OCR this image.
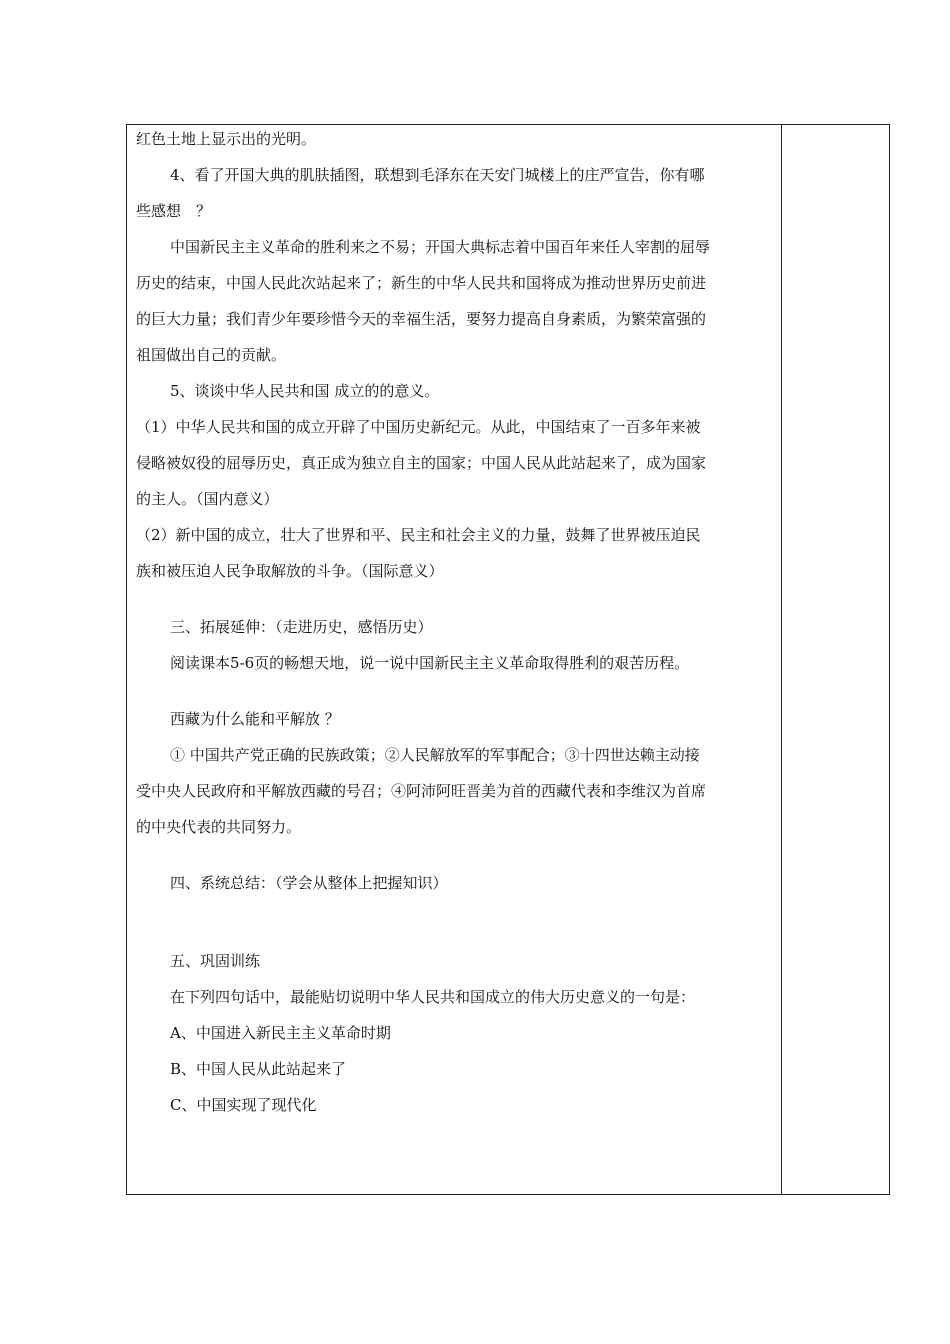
红色土地上显示出的光明。
4、看了开国大典的肌肤插图，联想到毛泽东在天安门城楼上的庄严宣告，你有哪
些感想　？
中国新民主主义革命的胜利来之不易；开国大典标志着中国百年来任人宰割的屈辱
历史的结束，中国人民此次站起来了；新生的中华人民共和国将成为推动世界历史前进
的巨大力量；我们青少年要珍惜今天的幸福生活，要努力提高自身素质，为繁荣富强的
祖国做出自己的贡献。
5、谈谈中华人民共和国 成立的的意义。
（1）中华人民共和国的成立开辟了中国历史新纪元。从此，中国结束了一百多年来被
侵略被奴役的屈辱历史，真正成为独立自主的国家；中国人民从此站起来了，成为国家
的主人。（国内意义）
（2）新中国的成立，壮大了世界和平、民主和社会主义的力量，鼓舞了世界被压迫民
族和被压迫人民争取解放的斗争。（国际意义）
三、拓展延伸：（走进历史，感悟历史）
阅读课本5-6页的畅想天地，说一说中国新民主主义革命取得胜利的艰苦历程。
西藏为什么能和平解放 ？
① 中国共产党正确的民族政策；②人民解放军的军事配合；③十四世达赖主动接
受中央人民政府和平解放西藏的号召；④阿沛阿旺晋美为首的西藏代表和李维汉为首席
的中央代表的共同努力。
四、系统总结：（学会从整体上把握知识）
五、巩固训练
在下列四句话中，最能贴切说明中华人民共和国成立的伟大历史意义的一句是：
A、中国进入新民主主义革命时期
B、中国人民从此站起来了
C、中国实现了现代化
